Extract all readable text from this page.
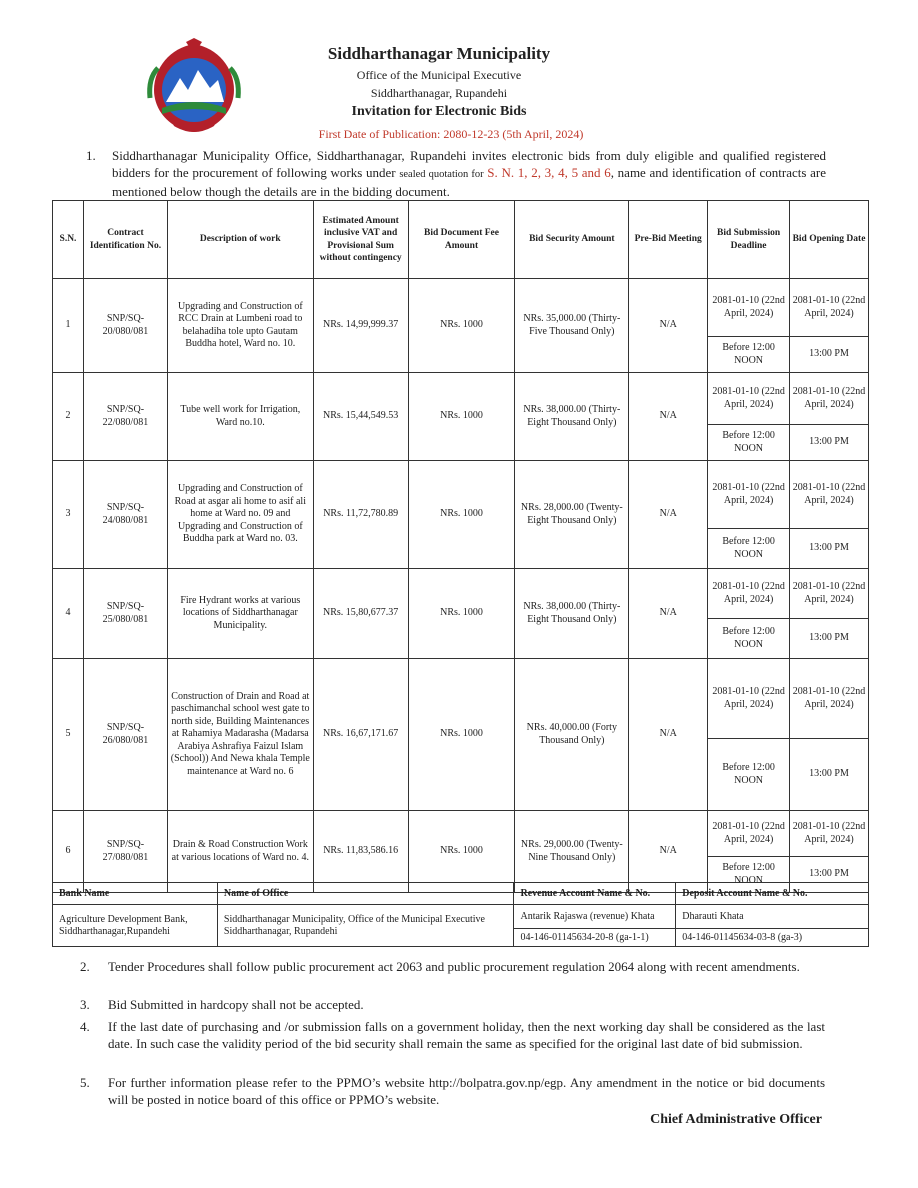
Siddharthanagar Municipality
Office of the Municipal Executive
Siddharthanagar, Rupandehi
Invitation for Electronic Bids
First Date of Publication: 2080-12-23 (5th April, 2024)
1. Siddharthanagar Municipality Office, Siddharthanagar, Rupandehi invites electronic bids from duly eligible and qualified registered bidders for the procurement of following works under sealed quotation for S. N. 1, 2, 3, 4, 5 and 6, name and identification of contracts are mentioned below though the details are in the bidding document.
S.N.	Contract Identification No.	Description of work	Estimated Amount inclusive VAT and Provisional Sum without contingency	Bid Document Fee Amount	Bid Security Amount	Pre-Bid Meeting	Bid Submission Deadline	Bid Opening Date
1	SNP/SQ-20/080/081	Upgrading and Construction of RCC Drain at Lumbeni road to belahadiha tole upto Gautam Buddha hotel, Ward no. 10.	NRs. 14,99,999.37	NRs. 1000	NRs. 35,000.00 (Thirty-Five Thousand Only)	N/A	2081-01-10 (22nd April, 2024)	2081-01-10 (22nd April, 2024)
							Before 12:00 NOON	13:00 PM
2	SNP/SQ-22/080/081	Tube well work for Irrigation, Ward no.10.	NRs. 15,44,549.53	NRs. 1000	NRs. 38,000.00 (Thirty-Eight Thousand Only)	N/A	2081-01-10 (22nd April, 2024)	2081-01-10 (22nd April, 2024)
							Before 12:00 NOON	13:00 PM
3	SNP/SQ-24/080/081	Upgrading and Construction of Road at asgar ali home to asif ali home at Ward no. 09 and Upgrading and Construction of Buddha park at Ward no. 03.	NRs. 11,72,780.89	NRs. 1000	NRs. 28,000.00 (Twenty-Eight Thousand Only)	N/A	2081-01-10 (22nd April, 2024)	2081-01-10 (22nd April, 2024)
							Before 12:00 NOON	13:00 PM
4	SNP/SQ-25/080/081	Fire Hydrant works at various locations of Siddharthanagar Municipality.	NRs. 15,80,677.37	NRs. 1000	NRs. 38,000.00 (Thirty-Eight Thousand Only)	N/A	2081-01-10 (22nd April, 2024)	2081-01-10 (22nd April, 2024)
							Before 12:00 NOON	13:00 PM
5	SNP/SQ-26/080/081	Construction of Drain and Road at paschimanchal school west gate to north side, Building Maintenances at Rahamiya Madarasha (Madarsa Arabiya Ashrafiya Faizul Islam (School)) And Newa khala Temple maintenance at Ward no. 6	NRs. 16,67,171.67	NRs. 1000	NRs. 40,000.00 (Forty Thousand Only)	N/A	2081-01-10 (22nd April, 2024)	2081-01-10 (22nd April, 2024)
							Before 12:00 NOON	13:00 PM
6	SNP/SQ-27/080/081	Drain & Road Construction Work at various locations of Ward no. 4.	NRs. 11,83,586.16	NRs. 1000	NRs. 29,000.00 (Twenty-Nine Thousand Only)	N/A	2081-01-10 (22nd April, 2024)	2081-01-10 (22nd April, 2024)
							Before 12:00 NOON	13:00 PM
Bank Name	Name of Office	Revenue Account Name & No.	Deposit Account Name & No.
Agriculture Development Bank, Siddharthanagar,Rupandehi	Siddharthanagar Municipality, Office of the Municipal Executive Siddharthanagar, Rupandehi	Antarik Rajaswa (revenue) Khata	Dharauti Khata
		04-146-01145634-20-8 (ga-1-1)	04-146-01145634-03-8 (ga-3)
2. Tender Procedures shall follow public procurement act 2063 and public procurement regulation 2064 along with recent amendments.
3. Bid Submitted in hardcopy shall not be accepted.
4. If the last date of purchasing and /or submission falls on a government holiday, then the next working day shall be considered as the last date. In such case the validity period of the bid security shall remain the same as specified for the original last date of bid submission.
5. For further information please refer to the PPMO’s website http://bolpatra.gov.np/egp. Any amendment in the notice or bid documents will be posted in notice board of this office or PPMO’s website.
Chief Administrative Officer
